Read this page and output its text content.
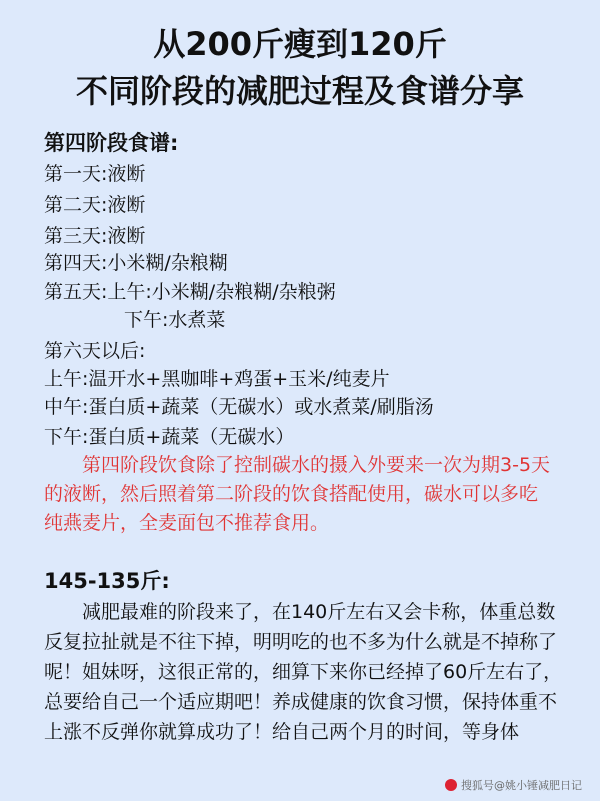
从200斤瘦到120斤
不同阶段的减肥过程及食谱分享
第四阶段食谱:
第一天:液断
第二天:液断
第三天:液断
第四天:小米糊/杂粮糊
第五天:上午:小米糊/杂粮糊/杂粮粥
下午:水煮菜
第六天以后:
上午:温开水+黑咖啡+鸡蛋+玉米/纯麦片
中午:蛋白质+蔬菜（无碳水）或水煮菜/刷脂汤
下午:蛋白质+蔬菜（无碳水）
第四阶段饮食除了控制碳水的摄入外要来一次为期3-5天的液断，然后照着第二阶段的饮食搭配使用，碳水可以多吃纯燕麦片，全麦面包不推荐食用。
145-135斤:
减肥最难的阶段来了，在140斤左右又会卡称，体重总数反复拉扯就是不往下掉，明明吃的也不多为什么就是不掉称了呢！姐妹呀，这很正常的，细算下来你已经掉了60斤左右了，总要给自己一个适应期吧！养成健康的饮食习惯，保持体重不上涨不反弹你就算成功了！给自己两个月的时间，等身体
搜狐号@姚小锤减肥日记
